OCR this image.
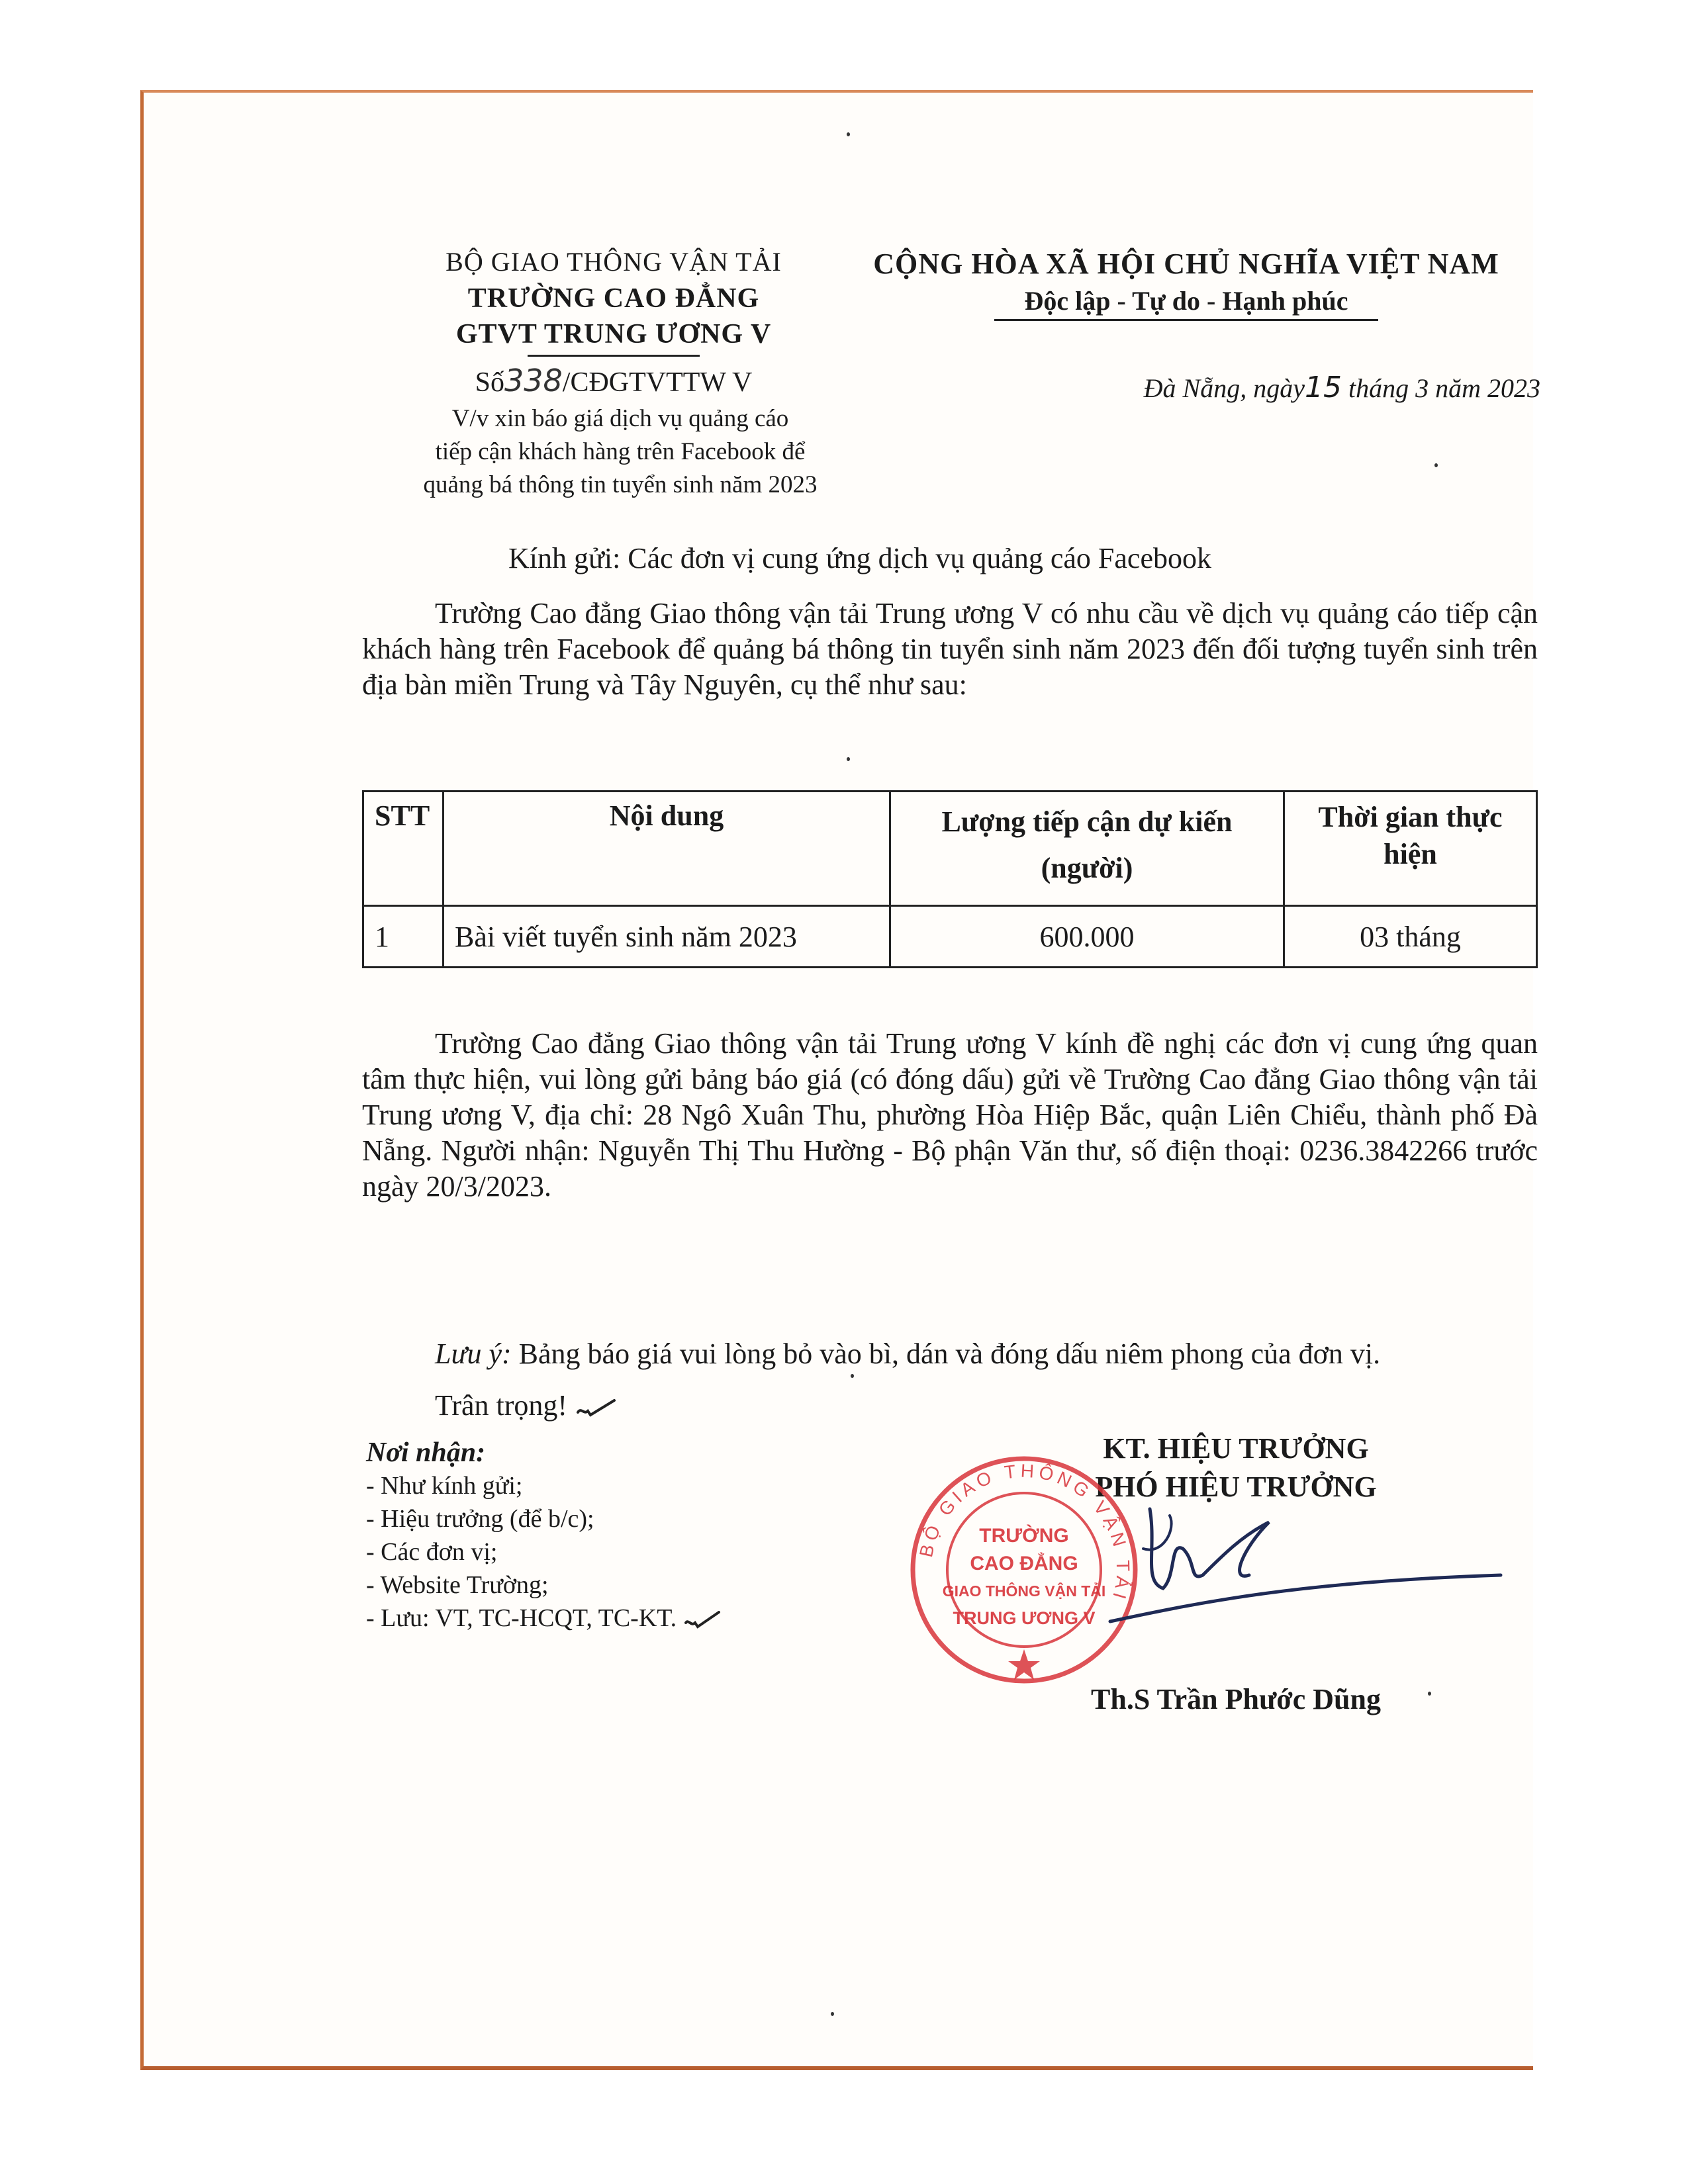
BỘ GIAO THÔNG VẬN TẢI
TRƯỜNG CAO ĐẲNG
GTVT TRUNG ƯƠNG V
Số338/CĐGTVTTW V
V/v xin báo giá dịch vụ quảng cáo
tiếp cận khách hàng trên Facebook để
quảng bá thông tin tuyển sinh năm 2023
CỘNG HÒA XÃ HỘI CHỦ NGHĨA VIỆT NAM
Độc lập - Tự do - Hạnh phúc
Đà Nẵng, ngày15 tháng 3 năm 2023
Kính gửi: Các đơn vị cung ứng dịch vụ quảng cáo Facebook
Trường Cao đẳng Giao thông vận tải Trung ương V có nhu cầu về dịch vụ quảng cáo tiếp cận khách hàng trên Facebook để quảng bá thông tin tuyển sinh năm 2023 đến đối tượng tuyển sinh trên địa bàn miền Trung và Tây Nguyên, cụ thể như sau:
STT	Nội dung	Lượng tiếp cận dự kiến (người)	Thời gian thực hiện
1	Bài viết tuyển sinh năm 2023	600.000	03 tháng
Trường Cao đẳng Giao thông vận tải Trung ương V kính đề nghị các đơn vị cung ứng quan tâm thực hiện, vui lòng gửi bảng báo giá (có đóng dấu) gửi về Trường Cao đẳng Giao thông vận tải Trung ương V, địa chỉ: 28 Ngô Xuân Thu, phường Hòa Hiệp Bắc, quận Liên Chiểu, thành phố Đà Nẵng. Người nhận: Nguyễn Thị Thu Hường - Bộ phận Văn thư, số điện thoại: 0236.3842266 trước ngày 20/3/2023.
Lưu ý: Bảng báo giá vui lòng bỏ vào bì, dán và đóng dấu niêm phong của đơn vị.
Trân trọng!
Nơi nhận:
- Như kính gửi;
- Hiệu trưởng (để b/c);
- Các đơn vị;
- Website Trường;
- Lưu: VT, TC-HCQT, TC-KT.
KT. HIỆU TRƯỞNG
PHÓ HIỆU TRƯỞNG
BỘ GIAO THÔNG VẬN TẢI
TRƯỜNG
CAO ĐẲNG
GIAO THÔNG VẬN TẢI
TRUNG ƯƠNG V
Th.S Trần Phước Dũng
